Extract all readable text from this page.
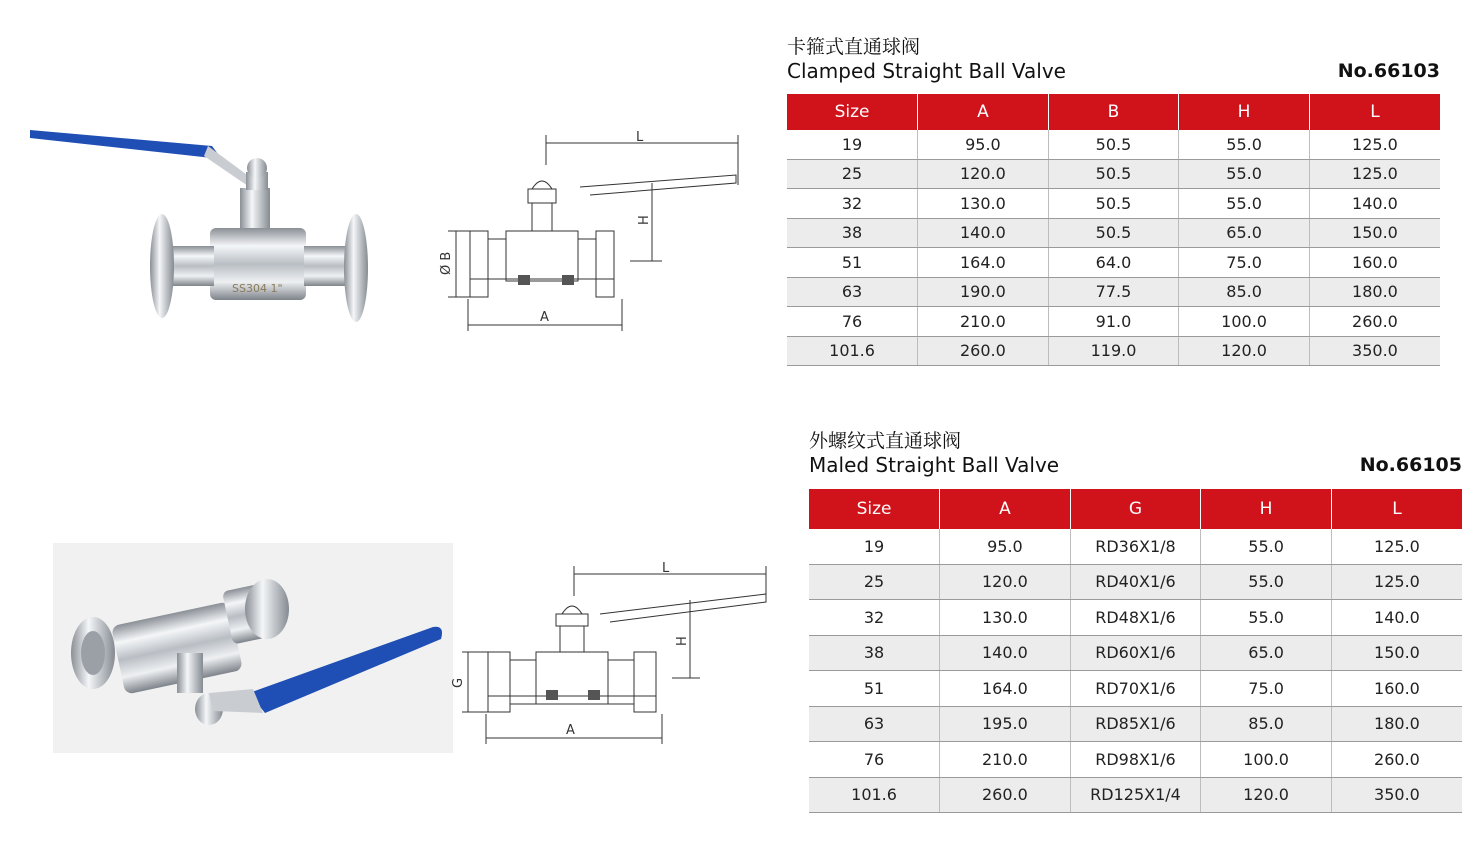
SS304 1"
L
H
Ø B
A
卡箍式直通球阀
Clamped Straight Ball Valve	No.66103
Size	A	B	H	L
19	95.0	50.5	55.0	125.0
25	120.0	50.5	55.0	125.0
32	130.0	50.5	55.0	140.0
38	140.0	50.5	65.0	150.0
51	164.0	64.0	75.0	160.0
63	190.0	77.5	85.0	180.0
76	210.0	91.0	100.0	260.0
101.6	260.0	119.0	120.0	350.0
L
H
G
A
外螺纹式直通球阀
Maled Straight Ball Valve	No.66105
Size	A	G	H	L
19	95.0	RD36X1/8	55.0	125.0
25	120.0	RD40X1/6	55.0	125.0
32	130.0	RD48X1/6	55.0	140.0
38	140.0	RD60X1/6	65.0	150.0
51	164.0	RD70X1/6	75.0	160.0
63	195.0	RD85X1/6	85.0	180.0
76	210.0	RD98X1/6	100.0	260.0
101.6	260.0	RD125X1/4	120.0	350.0
